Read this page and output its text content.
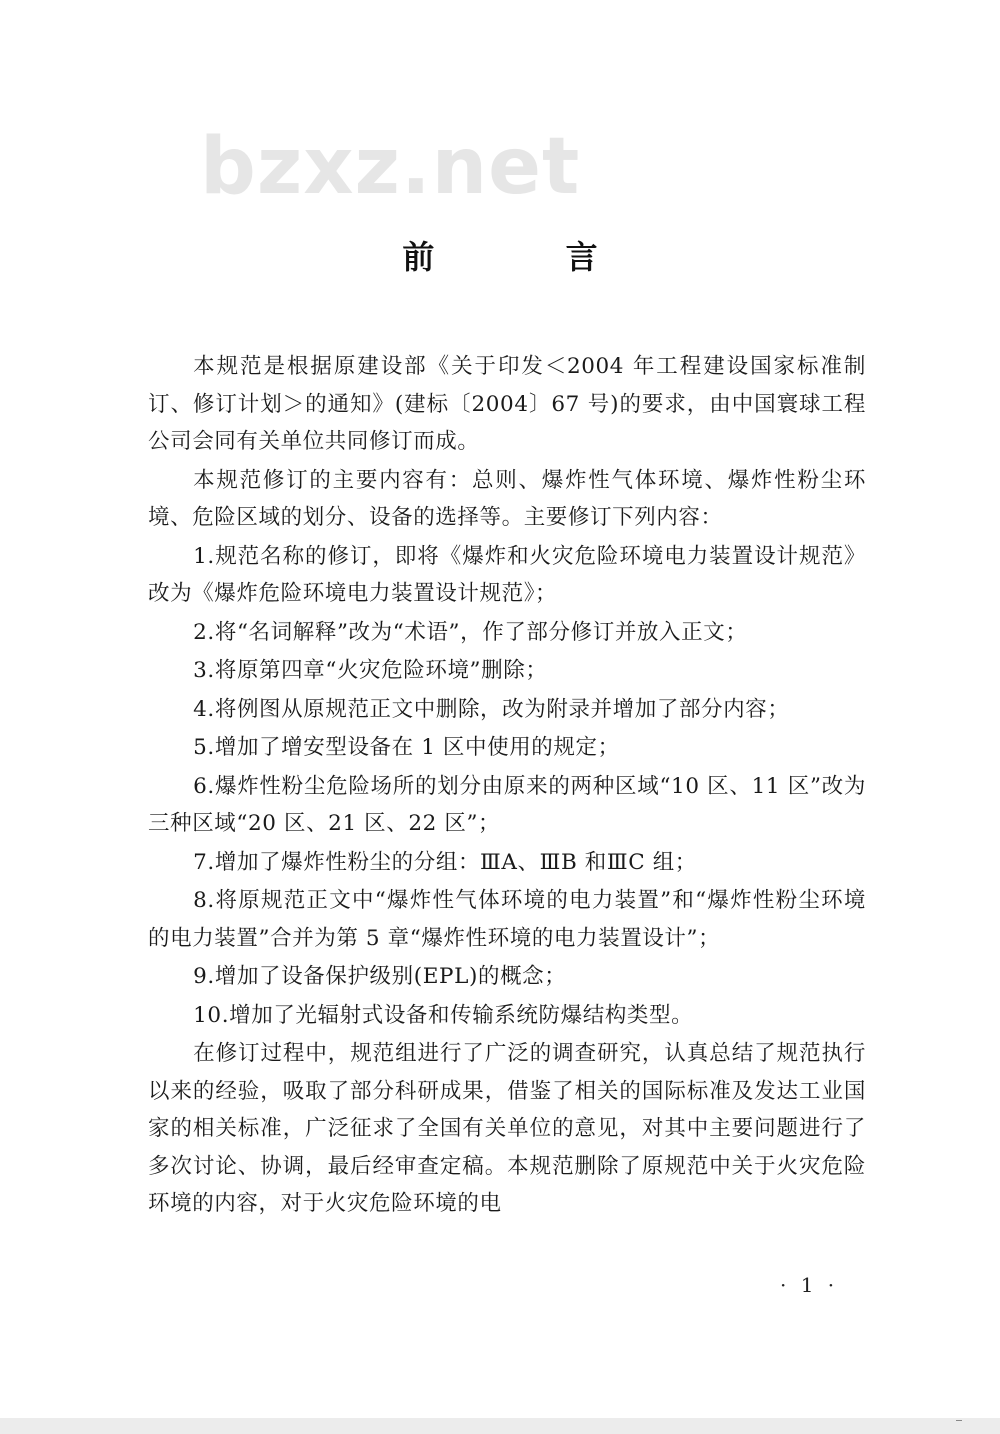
bzxz.net
前 言

本规范是根据原建设部《关于印发＜2004 年工程建设国家标准制订、修订计划＞的通知》(建标〔2004〕67 号)的要求，由中国寰球工程公司会同有关单位共同修订而成。

本规范修订的主要内容有：总则、爆炸性气体环境、爆炸性粉尘环境、危险区域的划分、设备的选择等。主要修订下列内容：

1.规范名称的修订，即将《爆炸和火灾危险环境电力装置设计规范》改为《爆炸危险环境电力装置设计规范》；

2.将“名词解释”改为“术语”，作了部分修订并放入正文；

3.将原第四章“火灾危险环境”删除；

4.将例图从原规范正文中删除，改为附录并增加了部分内容；

5.增加了增安型设备在 1 区中使用的规定；

6.爆炸性粉尘危险场所的划分由原来的两种区域“10 区、11 区”改为三种区域“20 区、21 区、22 区”；

7.增加了爆炸性粉尘的分组：ⅢA、ⅢB 和ⅢC 组；

8.将原规范正文中“爆炸性气体环境的电力装置”和“爆炸性粉尘环境的电力装置”合并为第 5 章“爆炸性环境的电力装置设计”；

9.增加了设备保护级别(EPL)的概念；

10.增加了光辐射式设备和传输系统防爆结构类型。

在修订过程中，规范组进行了广泛的调查研究，认真总结了规范执行以来的经验，吸取了部分科研成果，借鉴了相关的国际标准及发达工业国家的相关标准，广泛征求了全国有关单位的意见，对其中主要问题进行了多次讨论、协调，最后经审查定稿。本规范删除了原规范中关于火灾危险环境的内容，对于火灾危险环境的电

· 1 ·
